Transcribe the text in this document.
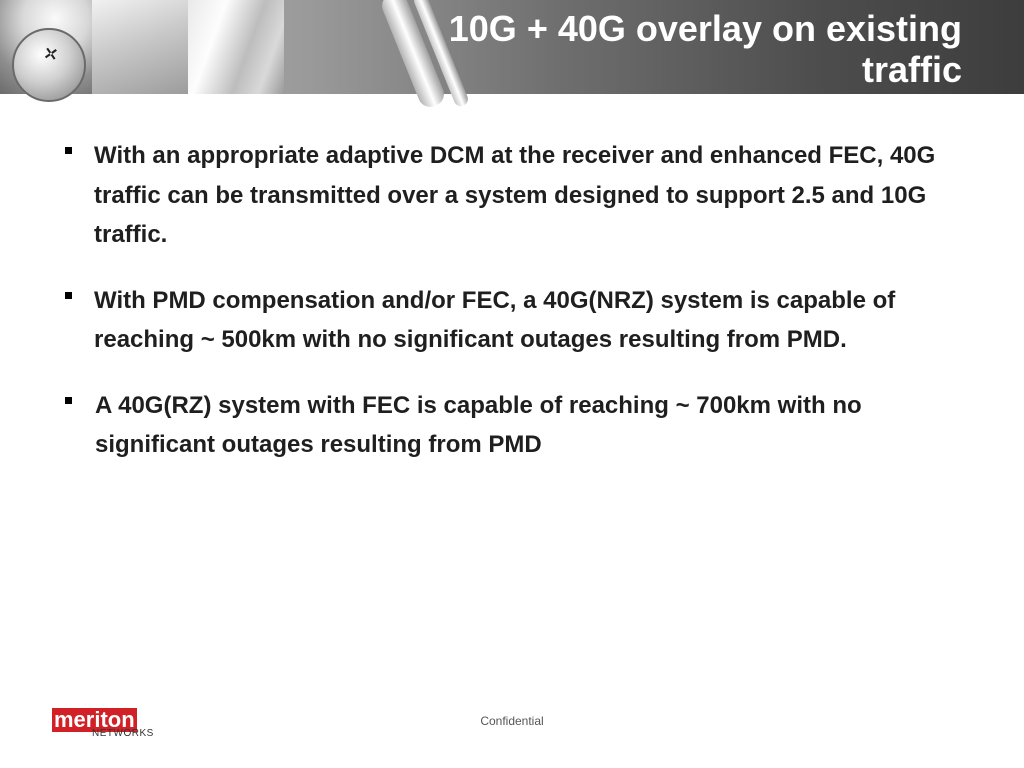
✛
10G + 40G overlay on existing traffic
With an appropriate adaptive DCM at the receiver and enhanced FEC, 40G traffic can be transmitted over a system designed to support 2.5 and 10G traffic.
With PMD compensation and/or FEC, a 40G(NRZ) system is capable of reaching ~ 500km with no significant outages resulting from PMD.
A 40G(RZ) system with FEC is capable of reaching ~ 700km with no significant outages resulting from PMD
meriton
NETWORKS
Confidential
